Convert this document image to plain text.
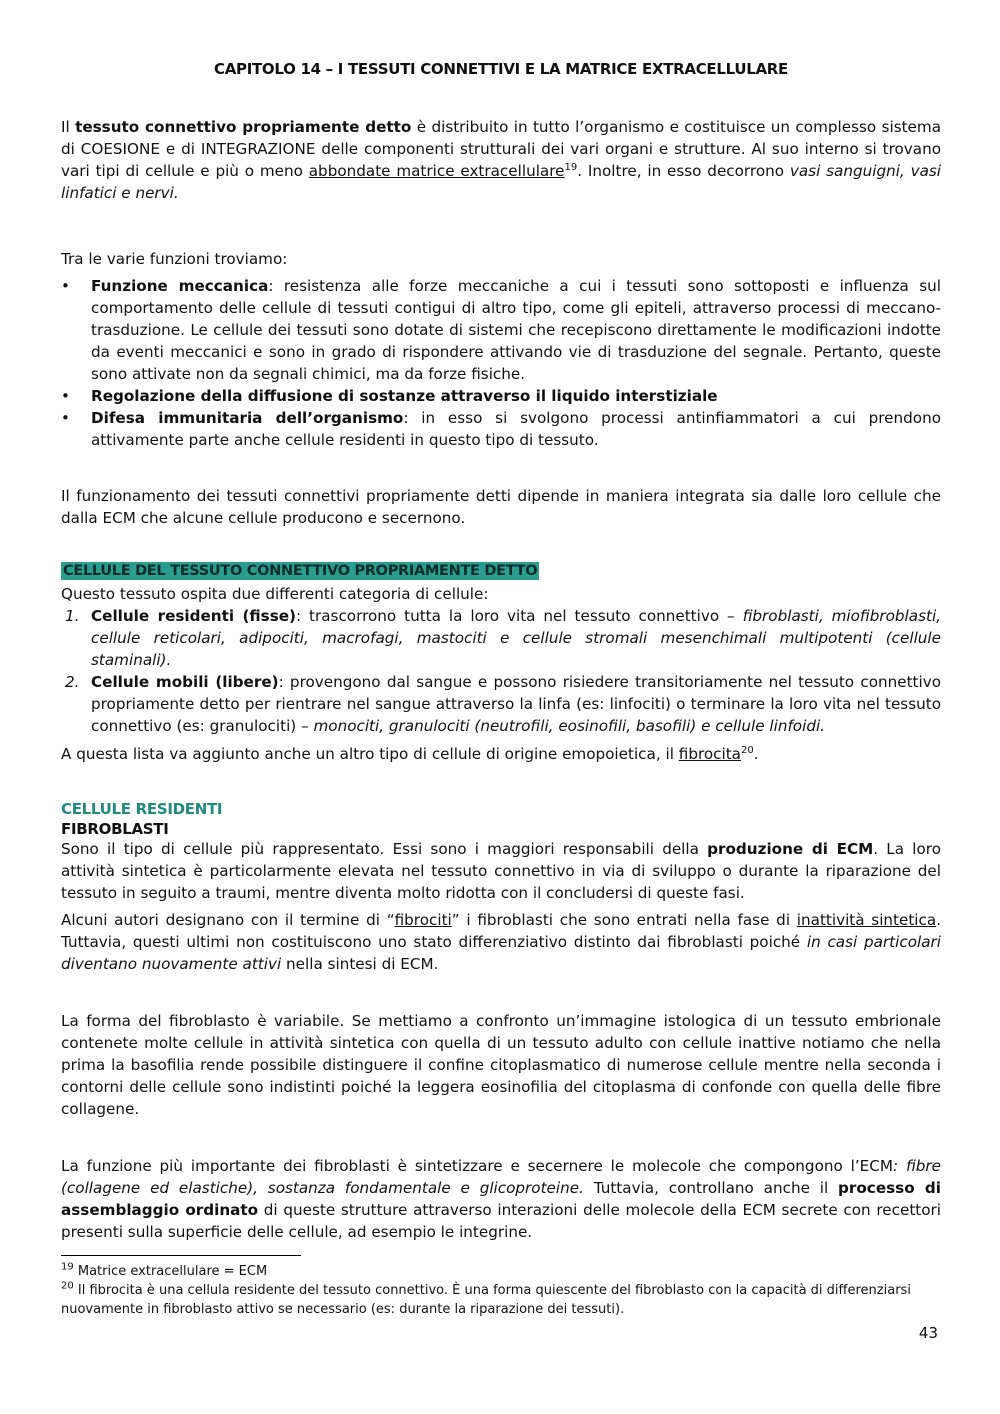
CAPITOLO 14 – I TESSUTI CONNETTIVI E LA MATRICE EXTRACELLULARE

Il tessuto connettivo propriamente detto è distribuito in tutto l’organismo e costituisce un complesso sistema di COESIONE e di INTEGRAZIONE delle componenti strutturali dei vari organi e strutture. Al suo interno si trovano vari tipi di cellule e più o meno abbondate matrice extracellulare$^{19}$. Inoltre, in esso decorrono vasi sanguigni, vasi linfatici e nervi.

Tra le varie funzioni troviamo:

• Funzione meccanica: resistenza alle forze meccaniche a cui i tessuti sono sottoposti e influenza sul comportamento delle cellule di tessuti contigui di altro tipo, come gli epiteli, attraverso processi di meccano-trasduzione. Le cellule dei tessuti sono dotate di sistemi che recepiscono direttamente le modificazioni indotte da eventi meccanici e sono in grado di rispondere attivando vie di trasduzione del segnale. Pertanto, queste sono attivate non da segnali chimici, ma da forze fisiche.
• Regolazione della diffusione di sostanze attraverso il liquido interstiziale
• Difesa immunitaria dell’organismo: in esso si svolgono processi antinfiammatori a cui prendono attivamente parte anche cellule residenti in questo tipo di tessuto.

Il funzionamento dei tessuti connettivi propriamente detti dipende in maniera integrata sia dalle loro cellule che dalla ECM che alcune cellule producono e secernono.

CELLULE DEL TESSUTO CONNETTIVO PROPRIAMENTE DETTO

Questo tessuto ospita due differenti categoria di cellule:

1. Cellule residenti (fisse): trascorrono tutta la loro vita nel tessuto connettivo – fibroblasti, miofibroblasti, cellule reticolari, adipociti, macrofagi, mastociti e cellule stromali mesenchimali multipotenti (cellule staminali).
2. Cellule mobili (libere): provengono dal sangue e possono risiedere transitoriamente nel tessuto connettivo propriamente detto per rientrare nel sangue attraverso la linfa (es: linfociti) o terminare la loro vita nel tessuto connettivo (es: granulociti) – monociti, granulociti (neutrofili, eosinofili, basofili) e cellule linfoidi.

A questa lista va aggiunto anche un altro tipo di cellule di origine emopoietica, il fibrocita$^{20}$.

CELLULE RESIDENTI

FIBROBLASTI

Sono il tipo di cellule più rappresentato. Essi sono i maggiori responsabili della produzione di ECM. La loro attività sintetica è particolarmente elevata nel tessuto connettivo in via di sviluppo o durante la riparazione del tessuto in seguito a traumi, mentre diventa molto ridotta con il concludersi di queste fasi.

Alcuni autori designano con il termine di “fibrociti” i fibroblasti che sono entrati nella fase di inattività sintetica. Tuttavia, questi ultimi non costituiscono uno stato differenziativo distinto dai fibroblasti poiché in casi particolari diventano nuovamente attivi nella sintesi di ECM.

La forma del fibroblasto è variabile. Se mettiamo a confronto un’immagine istologica di un tessuto embrionale contenete molte cellule in attività sintetica con quella di un tessuto adulto con cellule inattive notiamo che nella prima la basofilia rende possibile distinguere il confine citoplasmatico di numerose cellule mentre nella seconda i contorni delle cellule sono indistinti poiché la leggera eosinofilia del citoplasma di confonde con quella delle fibre collagene.

La funzione più importante dei fibroblasti è sintetizzare e secernere le molecole che compongono l’ECM: fibre (collagene ed elastiche), sostanza fondamentale e glicoproteine. Tuttavia, controllano anche il processo di assemblaggio ordinato di queste strutture attraverso interazioni delle molecole della ECM secrete con recettori presenti sulla superficie delle cellule, ad esempio le integrine.

$^{19}$ Matrice extracellulare = ECM

$^{20}$ Il fibrocita è una cellula residente del tessuto connettivo. È una forma quiescente del fibroblasto con la capacità di differenziarsi nuovamente in fibroblasto attivo se necessario (es: durante la riparazione dei tessuti).

43
